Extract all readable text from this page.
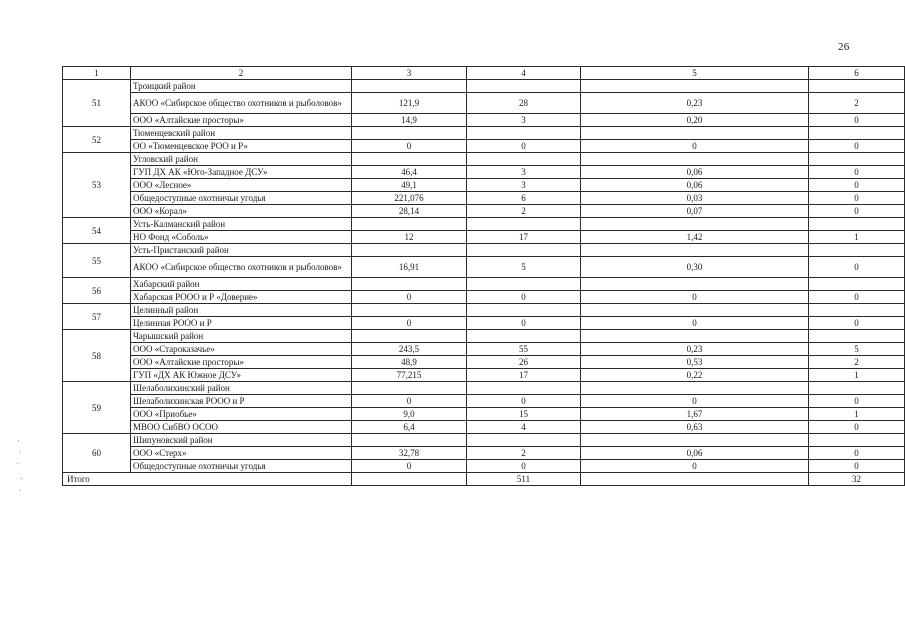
26
1	2	3	4	5	6
51	Троицкий район				
	АКОО «Сибирское общество охотников и рыболовов»	121,9	28	0,23	2
	ООО «Алтайские просторы»	14,9	3	0,20	0
52	Тюменцевский район				
	ОО «Тюменцевское РОО и Р»	0	0	0	0
53	Угловский район				
	ГУП ДХ АК «Юго-Западное ДСУ»	46,4	3	0,06	0
	ООО «Лесное»	49,1	3	0,06	0
	Общедоступные охотничьи угодья	221,076	6	0,03	0
	ООО «Корал»	28,14	2	0,07	0
54	Усть-Калманский район				
	НО Фонд «Соболь»	12	17	1,42	1
55	Усть-Пристанский район				
	АКОО «Сибирское общество охотников и рыболовов»	16,91	5	0,30	0
56	Хабарский район				
	Хабарская РООО и Р «Доверие»	0	0	0	0
57	Целинный район				
	Целинная РООО и Р	0	0	0	0
58	Чарышский район				
	ООО «Староказачье»	243,5	55	0,23	5
	ООО «Алтайские просторы»	48,9	26	0,53	2
	ГУП «ДХ АК Южное ДСУ»	77,215	17	0,22	1
59	Шелаболихинский район				
	Шелаболихинская РООО и Р	0	0	0	0
	ООО «Приобье»	9,0	15	1,67	1
	МВОО СибВО ОСОО	6,4	4	0,63	0
60	Шипуновский район				
	ООО «Стерх»	32,78	2	0,06	0
	Общедоступные охотничьи угодья	0	0	0	0
Итого			511		32
